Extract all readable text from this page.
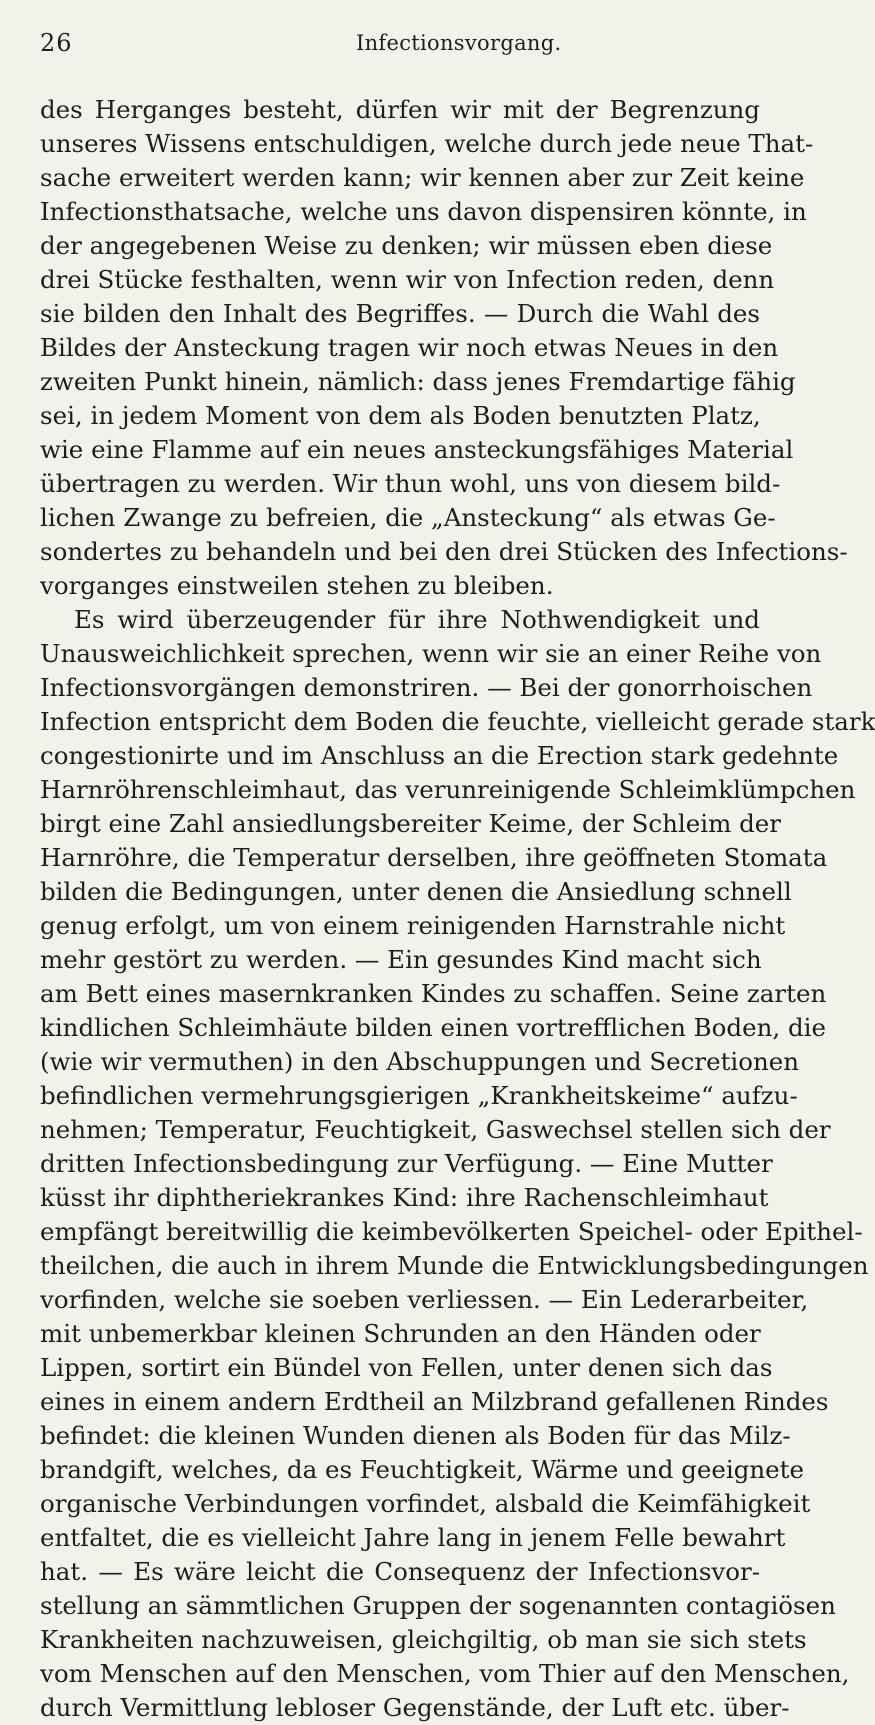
26	Infectionsvorgang.
des Herganges besteht, dürfen wir mit der Begrenzung
unseres Wissens entschuldigen, welche durch jede neue That-
sache erweitert werden kann; wir kennen aber zur Zeit keine
Infectionsthatsache, welche uns davon dispensiren könnte, in
der angegebenen Weise zu denken; wir müssen eben diese
drei Stücke festhalten, wenn wir von Infection reden, denn
sie bilden den Inhalt des Begriffes. — Durch die Wahl des
Bildes der Ansteckung tragen wir noch etwas Neues in den
zweiten Punkt hinein, nämlich: dass jenes Fremdartige fähig
sei, in jedem Moment von dem als Boden benutzten Platz,
wie eine Flamme auf ein neues ansteckungsfähiges Material
übertragen zu werden. Wir thun wohl, uns von diesem bild-
lichen Zwange zu befreien, die „Ansteckung“ als etwas Ge-
sondertes zu behandeln und bei den drei Stücken des Infections-
vorganges einstweilen stehen zu bleiben.
Es wird überzeugender für ihre Nothwendigkeit und
Unausweichlichkeit sprechen, wenn wir sie an einer Reihe von
Infectionsvorgängen demonstriren. — Bei der gonorrhoischen
Infection entspricht dem Boden die feuchte, vielleicht gerade stark
congestionirte und im Anschluss an die Erection stark gedehnte
Harnröhrenschleimhaut, das verunreinigende Schleimklümpchen
birgt eine Zahl ansiedlungsbereiter Keime, der Schleim der
Harnröhre, die Temperatur derselben, ihre geöffneten Stomata
bilden die Bedingungen, unter denen die Ansiedlung schnell
genug erfolgt, um von einem reinigenden Harnstrahle nicht
mehr gestört zu werden. — Ein gesundes Kind macht sich
am Bett eines masernkranken Kindes zu schaffen. Seine zarten
kindlichen Schleimhäute bilden einen vortrefflichen Boden, die
(wie wir vermuthen) in den Abschuppungen und Secretionen
befindlichen vermehrungsgierigen „Krankheitskeime“ aufzu-
nehmen; Temperatur, Feuchtigkeit, Gaswechsel stellen sich der
dritten Infectionsbedingung zur Verfügung. — Eine Mutter
küsst ihr diphtheriekrankes Kind: ihre Rachenschleimhaut
empfängt bereitwillig die keimbevölkerten Speichel- oder Epithel-
theilchen, die auch in ihrem Munde die Entwicklungsbedingungen
vorfinden, welche sie soeben verliessen. — Ein Lederarbeiter,
mit unbemerkbar kleinen Schrunden an den Händen oder
Lippen, sortirt ein Bündel von Fellen, unter denen sich das
eines in einem andern Erdtheil an Milzbrand gefallenen Rindes
befindet: die kleinen Wunden dienen als Boden für das Milz-
brandgift, welches, da es Feuchtigkeit, Wärme und geeignete
organische Verbindungen vorfindet, alsbald die Keimfähigkeit
entfaltet, die es vielleicht Jahre lang in jenem Felle bewahrt
hat. — Es wäre leicht die Consequenz der Infectionsvor-
stellung an sämmtlichen Gruppen der sogenannten contagiösen
Krankheiten nachzuweisen, gleichgiltig, ob man sie sich stets
vom Menschen auf den Menschen, vom Thier auf den Menschen,
durch Vermittlung lebloser Gegenstände, der Luft etc. über-
